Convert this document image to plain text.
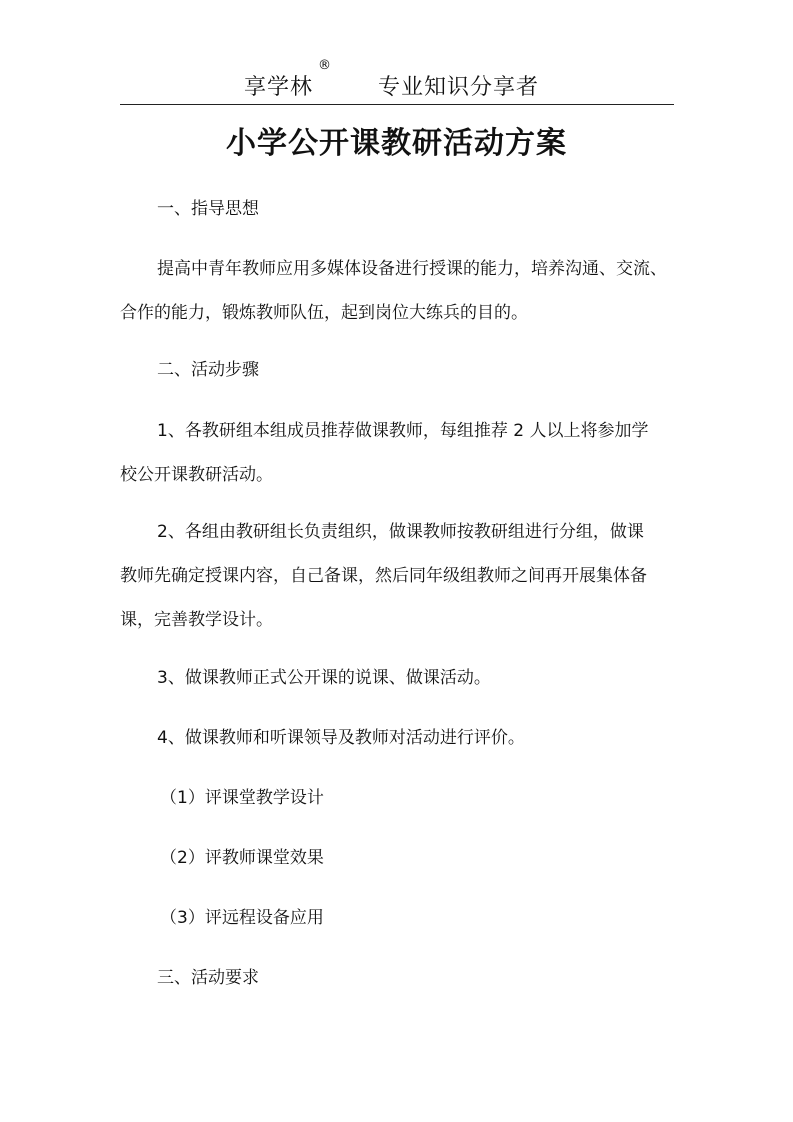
享学林
®
专业知识分享者
小学公开课教研活动方案
一、指导思想
提高中青年教师应用多媒体设备进行授课的能力，培养沟通、交流、
合作的能力，锻炼教师队伍，起到岗位大练兵的目的。
二、活动步骤
1、各教研组本组成员推荐做课教师，每组推荐 2 人以上将参加学
校公开课教研活动。
2、各组由教研组长负责组织，做课教师按教研组进行分组，做课
教师先确定授课内容，自己备课，然后同年级组教师之间再开展集体备
课，完善教学设计。
3、做课教师正式公开课的说课、做课活动。
4、做课教师和听课领导及教师对活动进行评价。
（1）评课堂教学设计
（2）评教师课堂效果
（3）评远程设备应用
三、活动要求
